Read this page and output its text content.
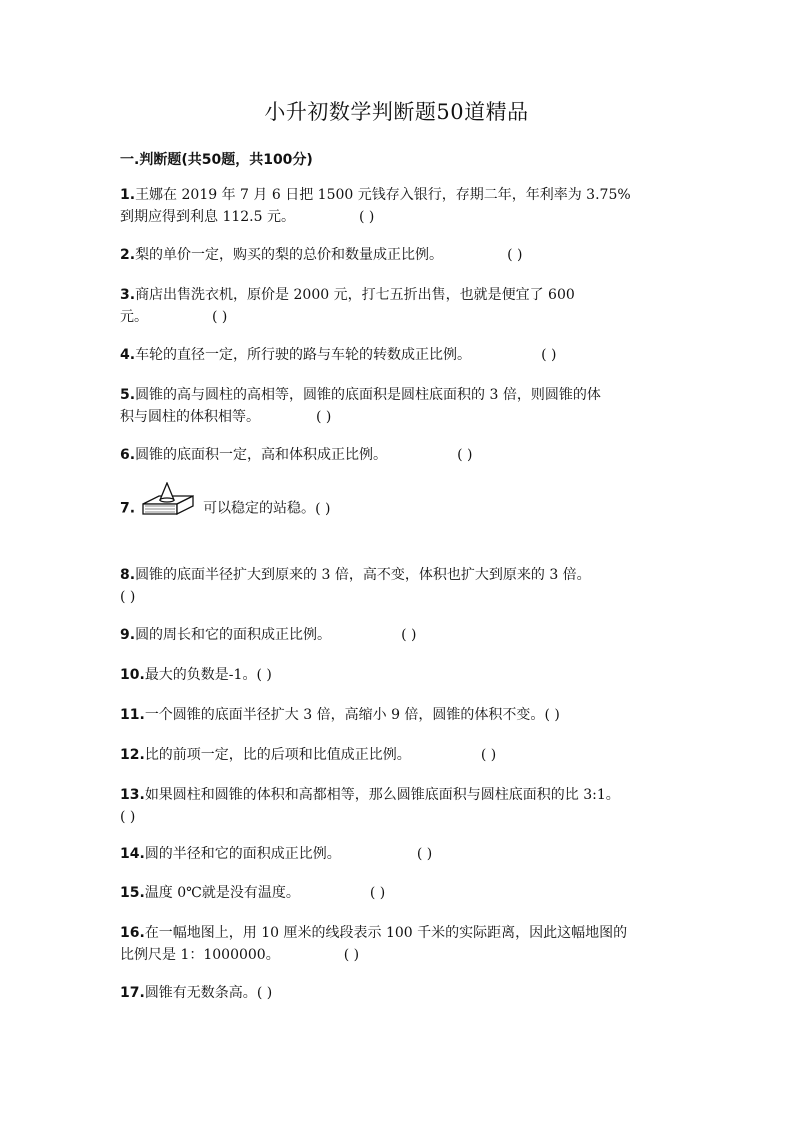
小升初数学判断题50道精品
一.判断题(共50题，共100分)
1.王娜在 2019 年 7 月 6 日把 1500 元钱存入银行，存期二年，年利率为 3.75%
到期应得到利息 112.5 元。	( )
2.梨的单价一定，购买的梨的总价和数量成正比例。	( )
3.商店出售洗衣机，原价是 2000 元，打七五折出售，也就是便宜了 600
元。	( )
4.车轮的直径一定，所行驶的路与车轮的转数成正比例。	( )
5.圆锥的高与圆柱的高相等，圆锥的底面积是圆柱底面积的 3 倍，则圆锥的体
积与圆柱的体积相等。	( )
6.圆锥的底面积一定，高和体积成正比例。	( )
7.	可以稳定的站稳。( )
8.圆锥的底面半径扩大到原来的 3 倍，高不变，体积也扩大到原来的 3 倍。
( )
9.圆的周长和它的面积成正比例。	( )
10.最大的负数是-1。( )
11.一个圆锥的底面半径扩大 3 倍，高缩小 9 倍，圆锥的体积不变。( )
12.比的前项一定，比的后项和比值成正比例。	( )
13.如果圆柱和圆锥的体积和高都相等，那么圆锥底面积与圆柱底面积的比 3:1。
( )
14.圆的半径和它的面积成正比例。	( )
15.温度 0℃就是没有温度。	( )
16.在一幅地图上，用 10 厘米的线段表示 100 千米的实际距离，因此这幅地图的
比例尺是 1：1000000。	( )
17.圆锥有无数条高。( )
